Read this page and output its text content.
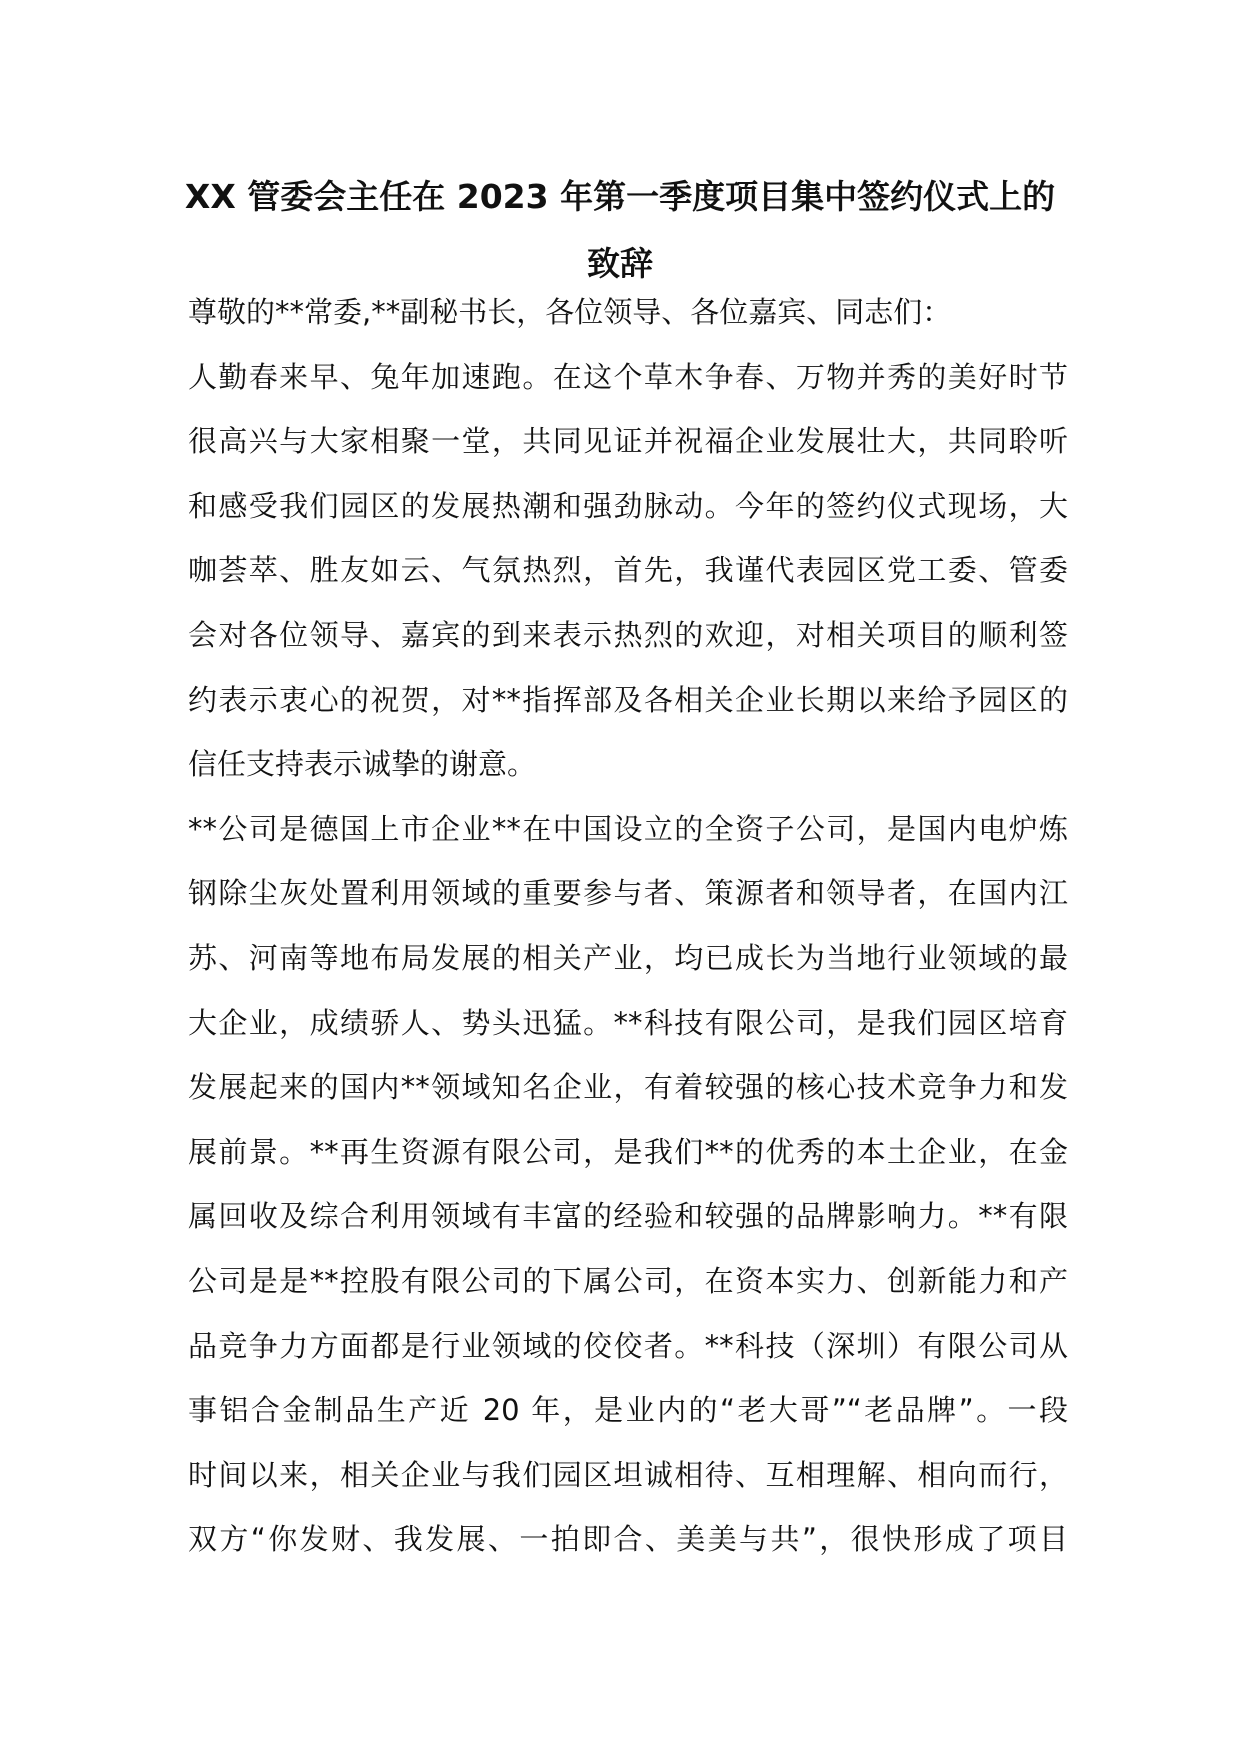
XX 管委会主任在 2023 年第一季度项目集中签约仪式上的
致辞
尊敬的**常委,**副秘书长，各位领导、各位嘉宾、同志们：
人勤春来早、兔年加速跑。在这个草木争春、万物并秀的美好时节
很高兴与大家相聚一堂，共同见证并祝福企业发展壮大，共同聆听
和感受我们园区的发展热潮和强劲脉动。今年的签约仪式现场，大
咖荟萃、胜友如云、气氛热烈，首先，我谨代表园区党工委、管委
会对各位领导、嘉宾的到来表示热烈的欢迎，对相关项目的顺利签
约表示衷心的祝贺，对**指挥部及各相关企业长期以来给予园区的
信任支持表示诚挚的谢意。
**公司是德国上市企业**在中国设立的全资子公司，是国内电炉炼
钢除尘灰处置利用领域的重要参与者、策源者和领导者，在国内江
苏、河南等地布局发展的相关产业，均已成长为当地行业领域的最
大企业，成绩骄人、势头迅猛。**科技有限公司，是我们园区培育
发展起来的国内**领域知名企业，有着较强的核心技术竞争力和发
展前景。**再生资源有限公司，是我们**的优秀的本土企业，在金
属回收及综合利用领域有丰富的经验和较强的品牌影响力。**有限
公司是是**控股有限公司的下属公司，在资本实力、创新能力和产
品竞争力方面都是行业领域的佼佼者。**科技（深圳）有限公司从
事铝合金制品生产近 20 年，是业内的“老大哥”“老品牌”。一段
时间以来，相关企业与我们园区坦诚相待、互相理解、相向而行，
双方“你发财、我发展、一拍即合、美美与共”，很快形成了项目
